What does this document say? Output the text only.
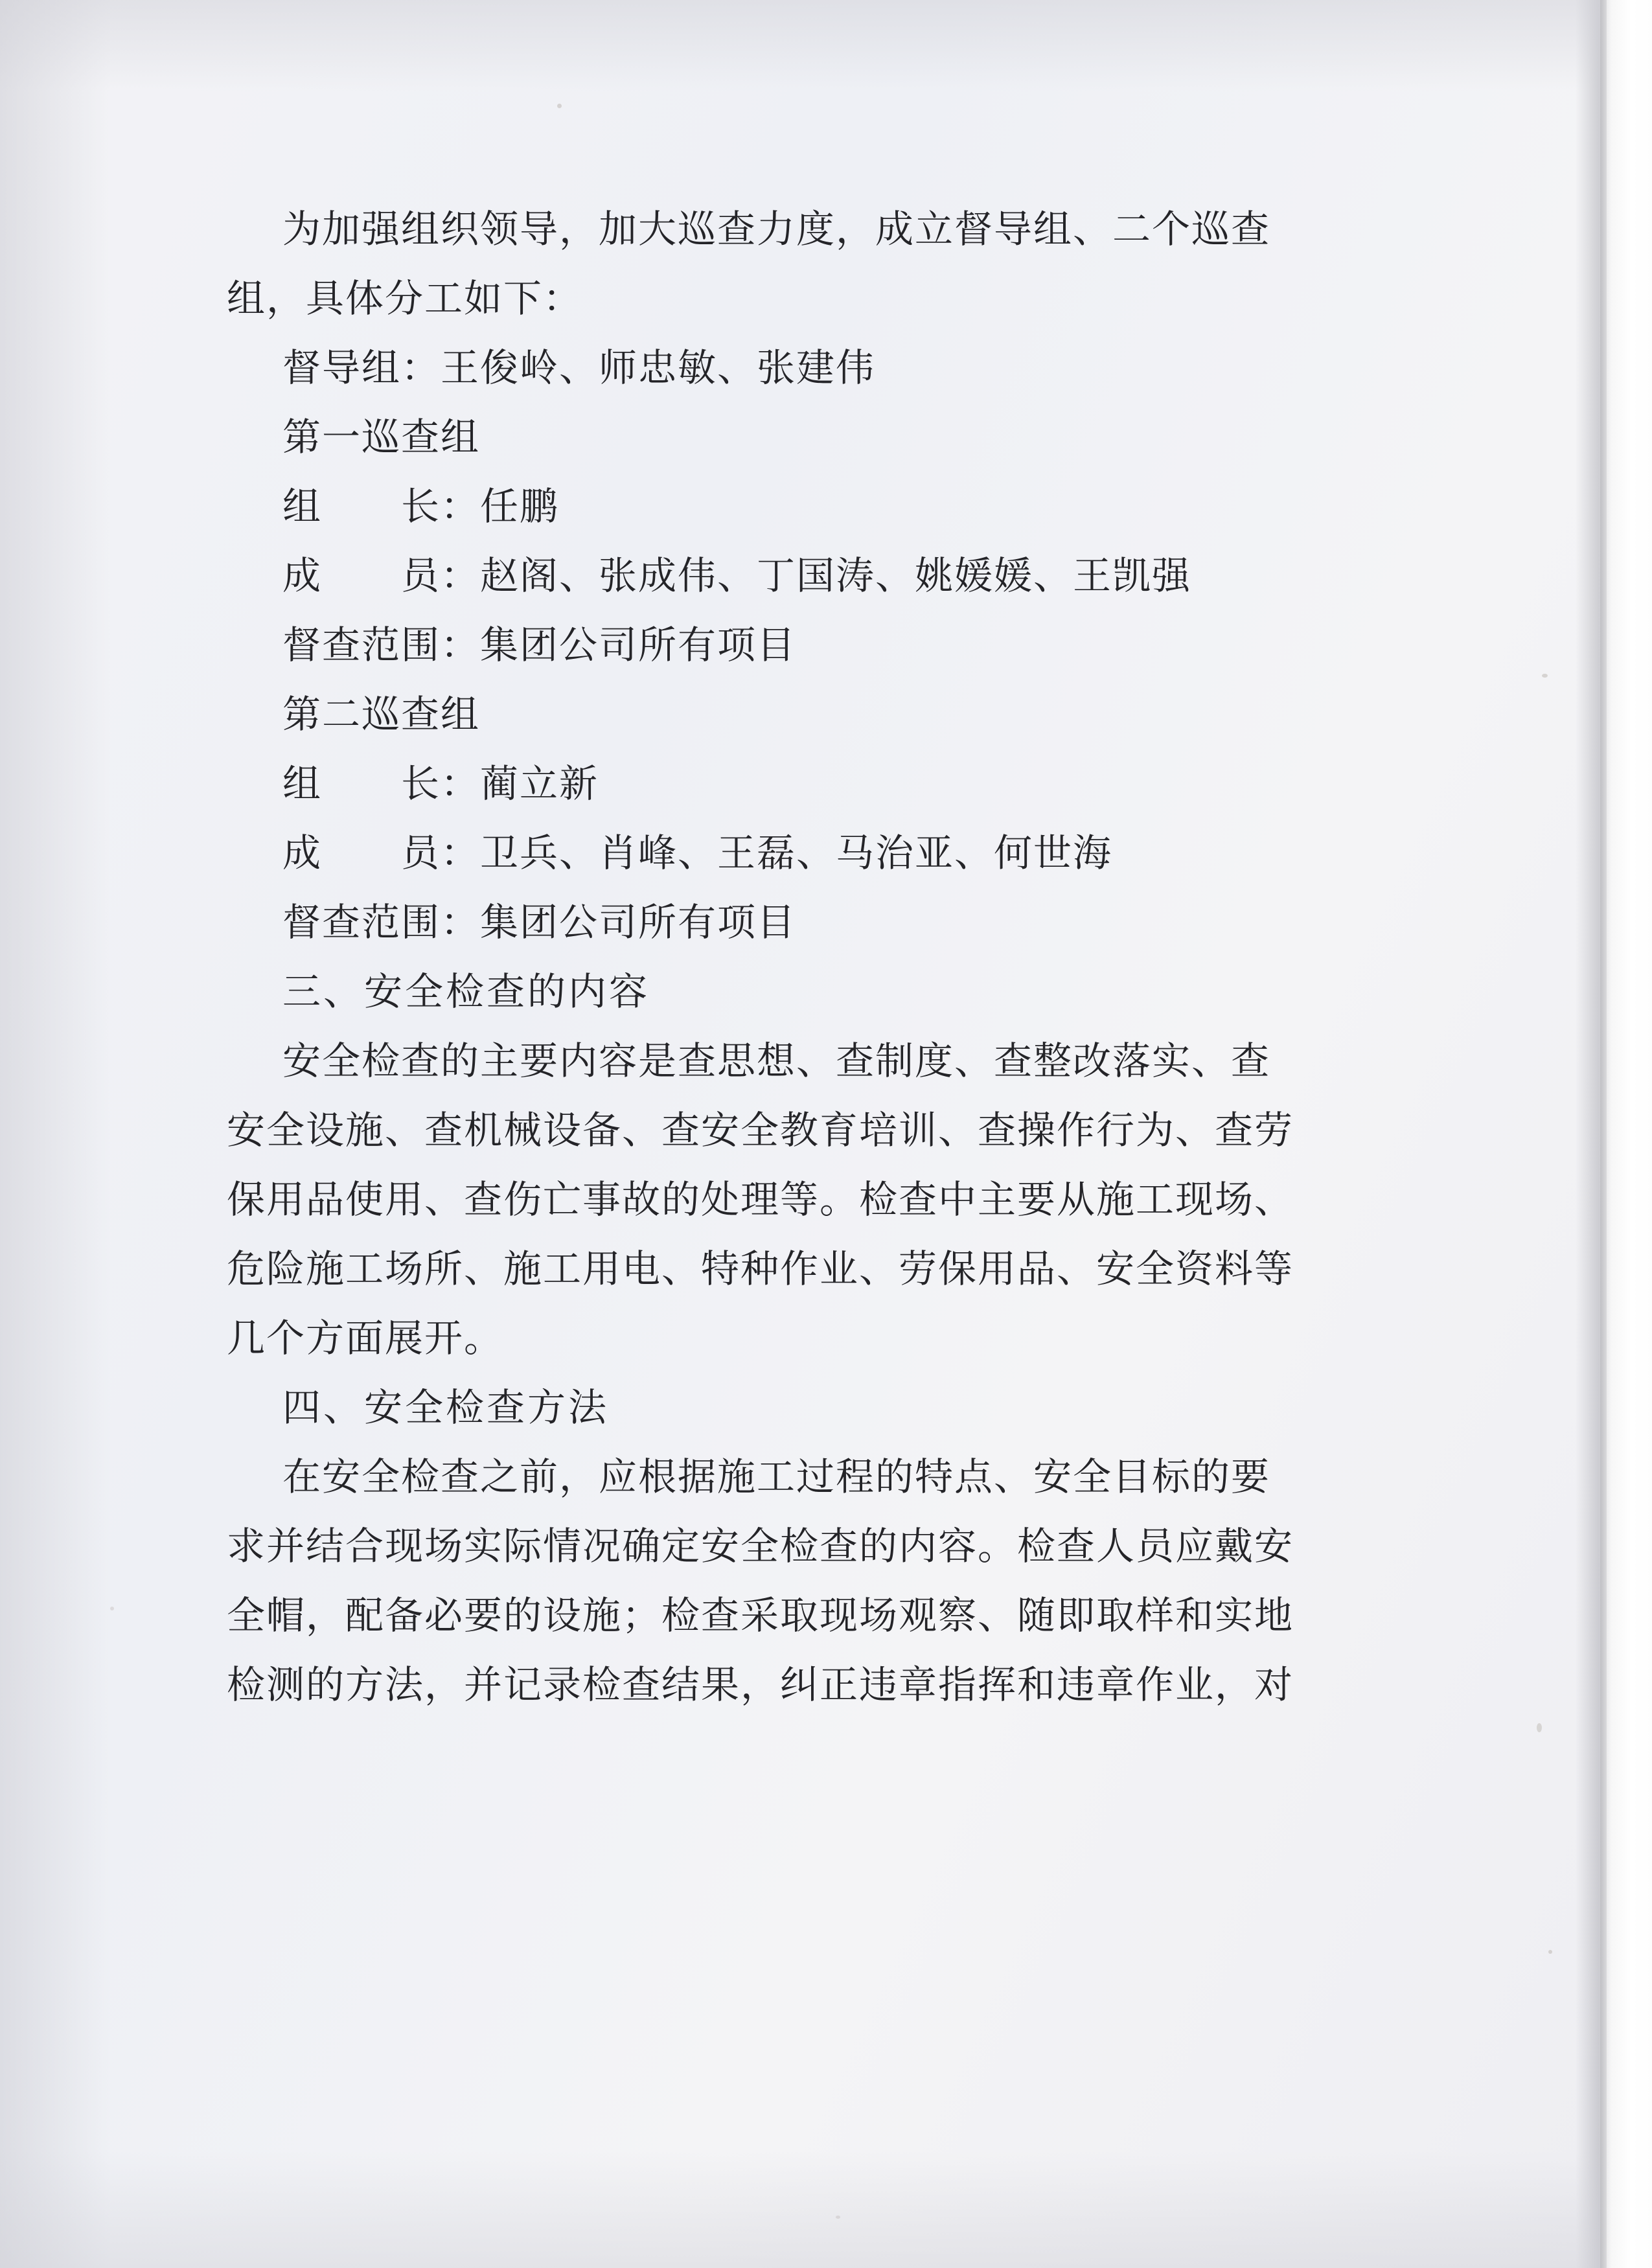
为加强组织领导，加大巡查力度，成立督导组、二个巡查
组，具体分工如下：
督导组：王俊岭、师忠敏、张建伟
第一巡查组
组　　长：任鹏
成　　员：赵阁、张成伟、丁国涛、姚媛媛、王凯强
督查范围：集团公司所有项目
第二巡查组
组　　长：蔺立新
成　　员：卫兵、肖峰、王磊、马治亚、何世海
督查范围：集团公司所有项目
三、安全检查的内容
安全检查的主要内容是查思想、查制度、查整改落实、查
安全设施、查机械设备、查安全教育培训、查操作行为、查劳
保用品使用、查伤亡事故的处理等。检查中主要从施工现场、
危险施工场所、施工用电、特种作业、劳保用品、安全资料等
几个方面展开。
四、安全检查方法
在安全检查之前，应根据施工过程的特点、安全目标的要
求并结合现场实际情况确定安全检查的内容。检查人员应戴安
全帽，配备必要的设施；检查采取现场观察、随即取样和实地
检测的方法，并记录检查结果，纠正违章指挥和违章作业，对
